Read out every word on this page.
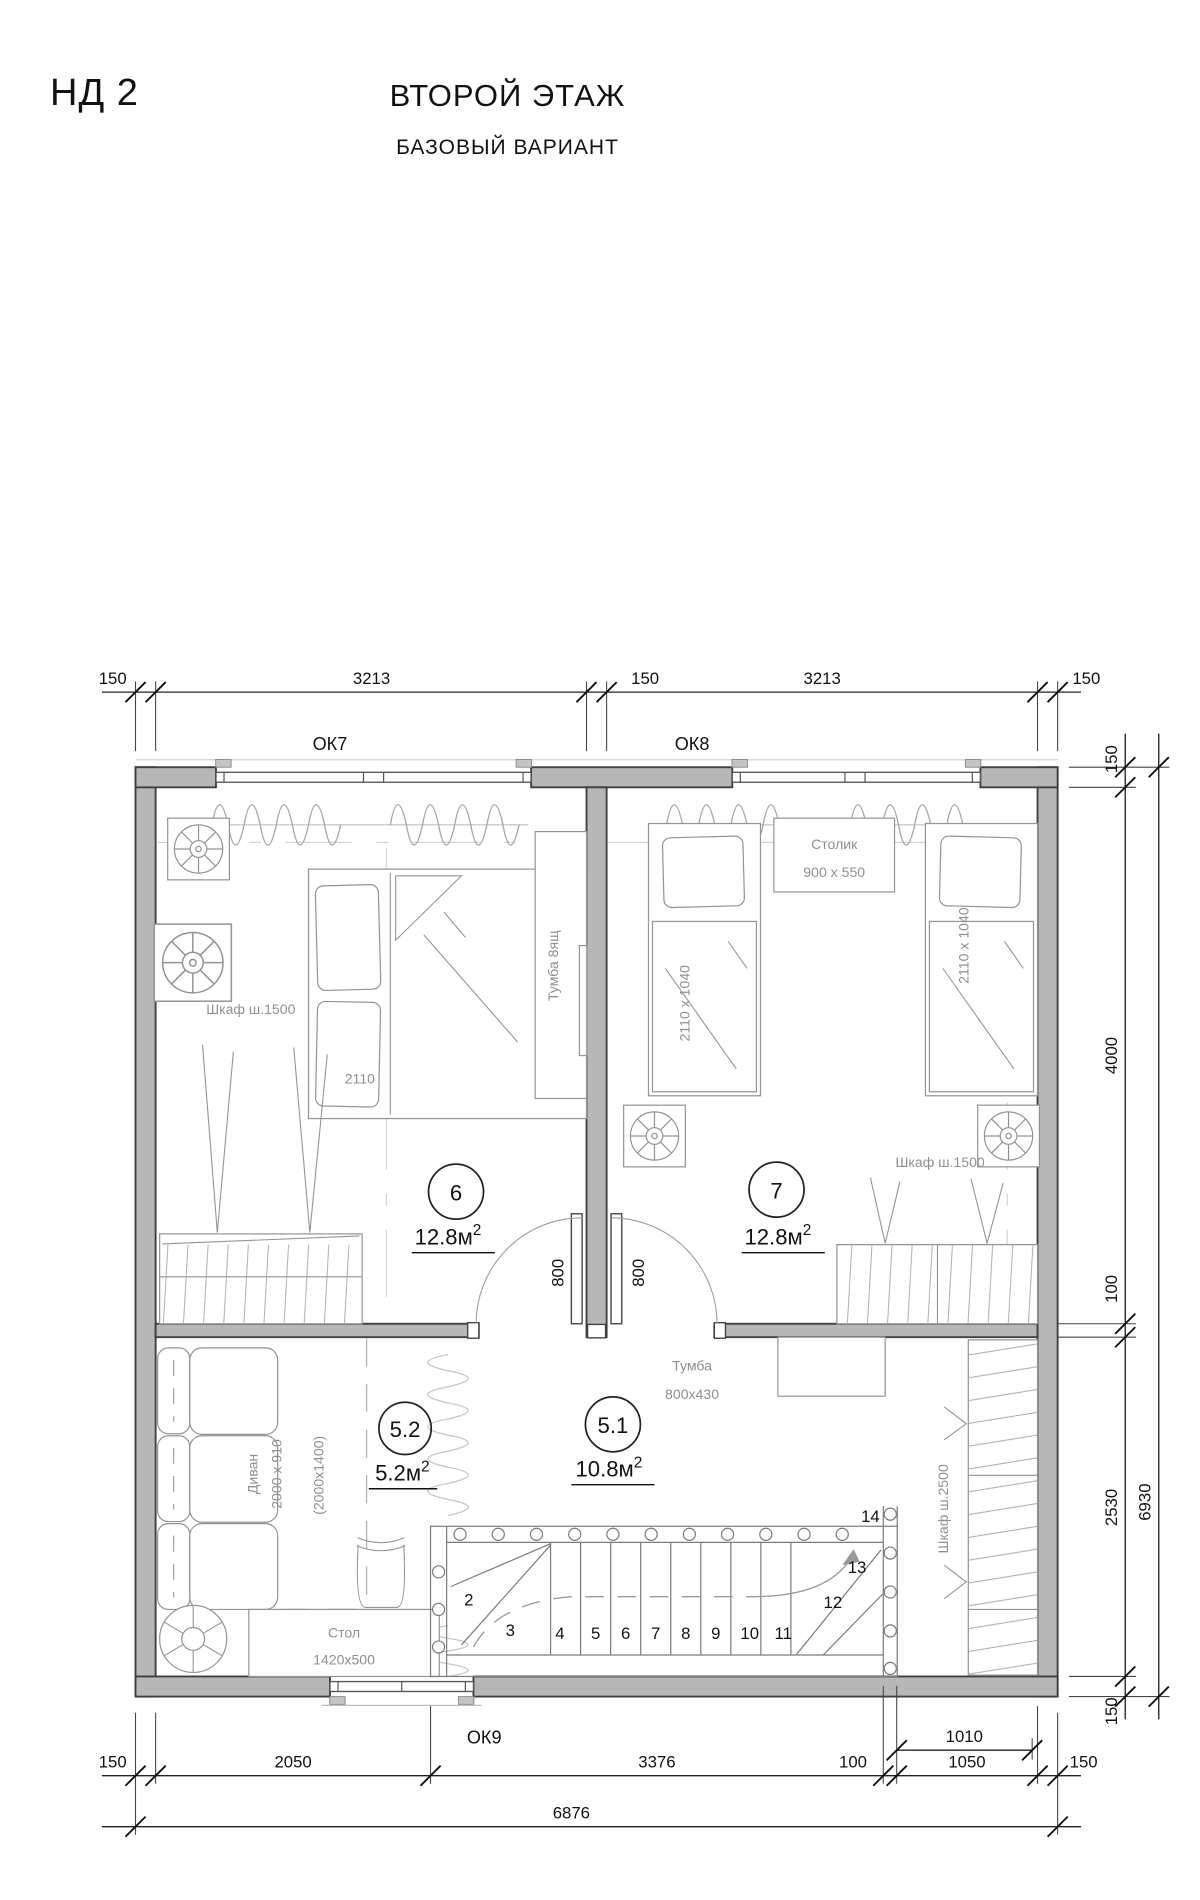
НД 2	ВТОРОЙ ЭТАЖ
БАЗОВЫЙ ВАРИАНТ
2110
Тумба 8ящ
Шкаф ш.1500
6
$12.8м^2$
2110 x 1040
2110 x 1040
Столик
900 x 550
Шкаф ш.1500
7
$12.8м^2$
800 800
Тумба
800х430
Диван 2000 x 910 (2000х1400)
Стол
1420х500
5.1
$10.8м^2$
5.2
$5.2м^2$
2
3 4 5 6 7 8 9 10 11
12
13
14 Шкаф ш.2500
ОК7 ОК8
ОК9
150 3213 150 3213 150
150
4000
100
2530
150
6930
150 2050	3376 100 1050 150
1010
6876
